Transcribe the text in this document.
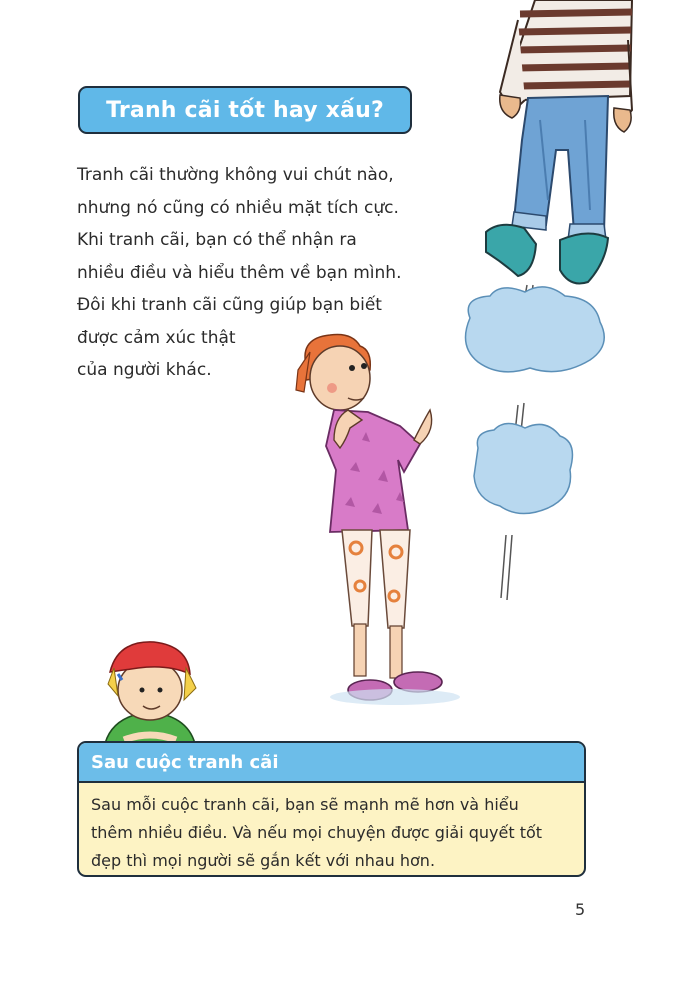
Tranh cãi tốt hay xấu?

Tranh cãi thường không vui chút nào,

nhưng nó cũng có nhiều mặt tích cực.

Khi tranh cãi, bạn có thể nhận ra

nhiều điều và hiểu thêm về bạn mình.

Đôi khi tranh cãi cũng giúp bạn biết

được cảm xúc thật

của người khác.

Sau cuộc tranh cãi

Sau mỗi cuộc tranh cãi, bạn sẽ mạnh mẽ hơn và hiểu

thêm nhiều điều. Và nếu mọi chuyện được giải quyết tốt

đẹp thì mọi người sẽ gắn kết với nhau hơn.

5
